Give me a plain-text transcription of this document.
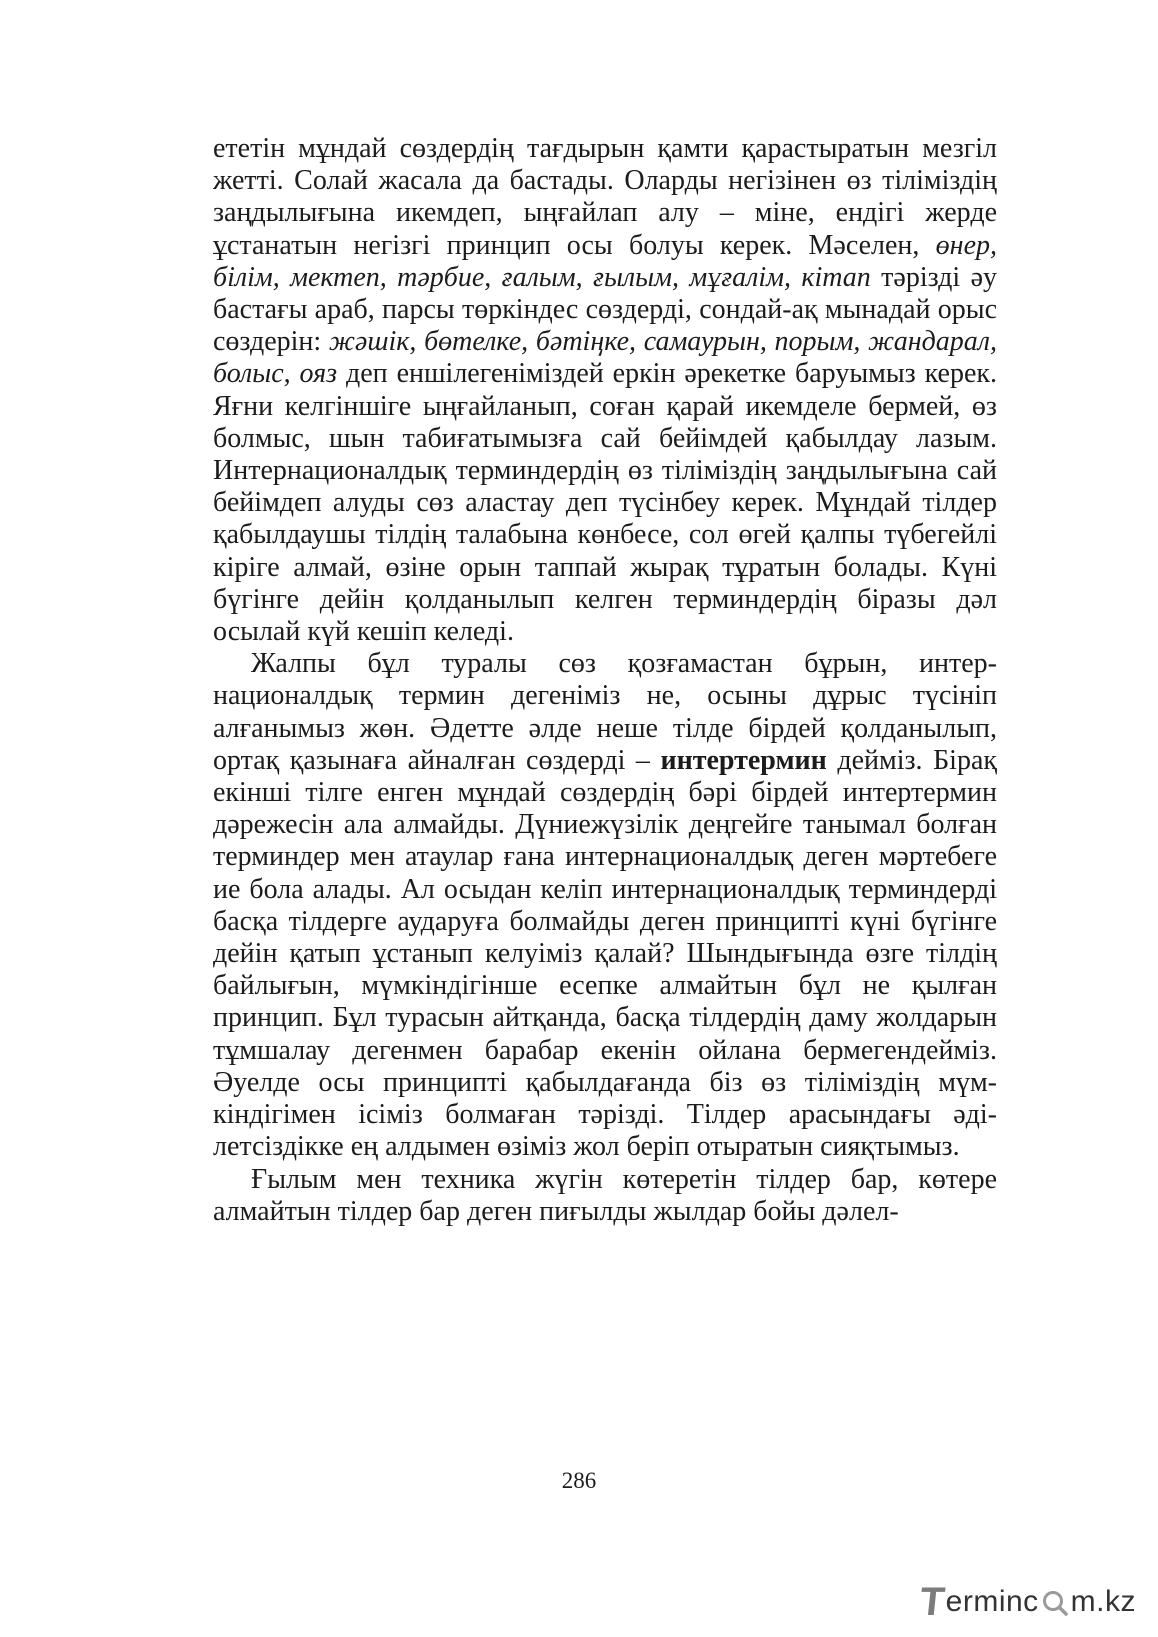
ететін мұндай сөздердің тағдырын қамти қарастыратын мезгіл жетті. Солай жасала да бастады. Оларды негізінен өз тіліміздің заңдылығына икемдеп, ыңғайлап алу – міне, ендігі жерде ұстанатын негізгі принцип осы болуы керек. Мәселен, өнер, білім, мектеп, тәрбие, ғалым, ғылым, мұғалім, кітап тәрізді әу бастағы араб, парсы төркіндес сөздерді, сондай-ақ мынадай орыс сөздерін: жәшік, бөтелке, бәтіңке, самаурын, порым, жандарал, болыс, ояз деп еншілегеніміздей еркін әрекетке баруымыз керек. Яғни келгіншіге ыңғайланып, соған қарай икемделе бермей, өз болмыс, шын табиғатымызға сай бейімдей қабылдау лазым. Интернационалдық терминдердің өз тіліміздің заңдылығына сай бейімдеп алуды сөз аластау деп түсінбеу керек. Мұндай тілдер қабылдаушы тілдің талабына көнбесе, сол өгей қалпы түбегейлі кіріге алмай, өзіне орын таппай жырақ тұратын болады. Күні бүгінге дейін қолданылып келген терминдердің біразы дәл осылай күй кешіп келеді.

Жалпы бұл туралы сөз қозғамастан бұрын, интернационалдық термин дегеніміз не, осыны дұрыс түсініп алғанымыз жөн. Әдетте әлде неше тілде бірдей қолданылып, ортақ қазынаға айналған сөздерді – интертермин дейміз. Бірақ екінші тілге енген мұндай сөздердің бәрі бірдей интертермин дәрежесін ала алмайды. Дүниежүзілік деңгейге танымал болған терминдер мен атаулар ғана интернационалдық деген мәртебеге ие бола алады. Ал осыдан келіп интернационалдық терминдерді басқа тілдерге аударуға болмайды деген принципті күні бүгінге дейін қатып ұстанып келуіміз қалай? Шындығында өзге тілдің байлығын, мүмкіндігінше есепке алмайтын бұл не қылған принцип. Бұл турасын айтқанда, басқа тілдердің даму жолдарын тұмшалау дегенмен барабар екенін ойлана бермегендейміз. Әуелде осы принципті қабылдағанда біз өз тіліміздің мүмкіндігімен ісіміз болмаған тәрізді. Тілдер арасындағы әділетсіздікке ең алдымен өзіміз жол беріп отыратын сияқтымыз.

Ғылым мен техника жүгін көтеретін тілдер бар, көтере алмайтын тілдер бар деген пиғылды жылдар бойы дәлел-

286
T
erminc m.kz
